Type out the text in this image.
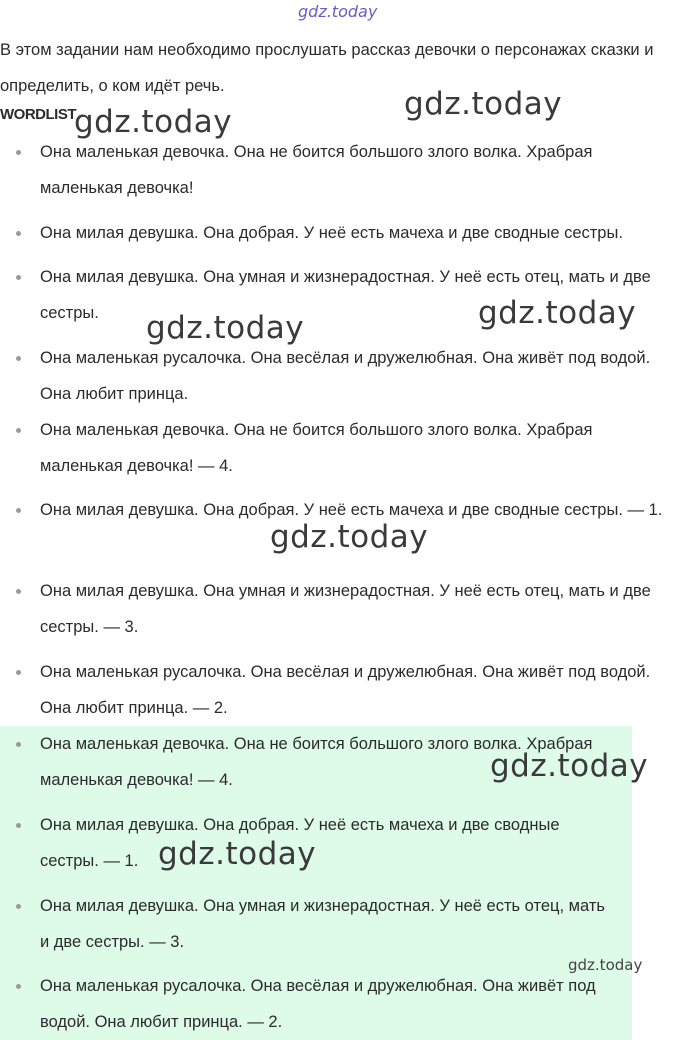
gdz.today

В этом задании нам необходимо прослушать рассказ девочки о персонажах сказки и определить, о ком идёт речь.

WORDLIST
Она маленькая девочка. Она не боится большого злого волка. Храбрая маленькая девочка!
Она милая девушка. Она добрая. У неё есть мачеха и две сводные сестры.
Она милая девушка. Она умная и жизнерадостная. У неё есть отец, мать и две сестры.
Она маленькая русалочка. Она весёлая и дружелюбная. Она живёт под водой. Она любит принца.
Она маленькая девочка. Она не боится большого злого волка. Храбрая маленькая девочка! — 4.
Она милая девушка. Она добрая. У неё есть мачеха и две сводные сестры. — 1.
Она милая девушка. Она умная и жизнерадостная. У неё есть отец, мать и две сестры. — 3.
Она маленькая русалочка. Она весёлая и дружелюбная. Она живёт под водой. Она любит принца. — 2.
Она маленькая девочка. Она не боится большого злого волка. Храбрая маленькая девочка! — 4.
Она милая девушка. Она добрая. У неё есть мачеха и две сводные сестры. — 1.
Она милая девушка. Она умная и жизнерадостная. У неё есть отец, мать и две сестры. — 3.
Она маленькая русалочка. Она весёлая и дружелюбная. Она живёт под водой. Она любит принца. — 2.
gdz.today	gdz.today
gdz.today	gdz.today
gdz.today
gdz.today
gdz.today
gdz.today
